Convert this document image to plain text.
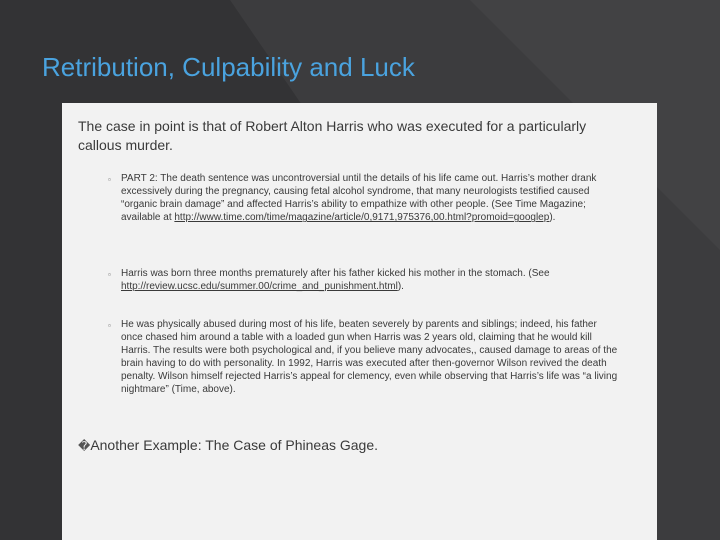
Retribution, Culpability and Luck
The case in point is that of Robert Alton Harris who was executed for a particularly callous murder.
▫ PART 2: The death sentence was uncontroversial until the details of his life came out. Harris’s mother drank excessively during the pregnancy, causing fetal alcohol syndrome, that many neurologists testified caused “organic brain damage” and affected Harris’s ability to empathize with other people. (See Time Magazine; available at http://www.time.com/time/magazine/article/0,9171,975376,00.html?promoid=googlep).
▫ Harris was born three months prematurely after his father kicked his mother in the stomach. (See http://review.ucsc.edu/summer.00/crime_and_punishment.html).
▫ He was physically abused during most of his life, beaten severely by parents and siblings; indeed, his father once chased him around a table with a loaded gun when Harris was 2 years old, claiming that he would kill Harris. The results were both psychological and, if you believe many advocates,, caused damage to areas of the brain having to do with personality. In 1992, Harris was executed after then-governor Wilson revived the death penalty. Wilson himself rejected Harris’s appeal for clemency, even while observing that Harris’s life was “a living nightmare” (Time, above).
�Another Example: The Case of Phineas Gage.
